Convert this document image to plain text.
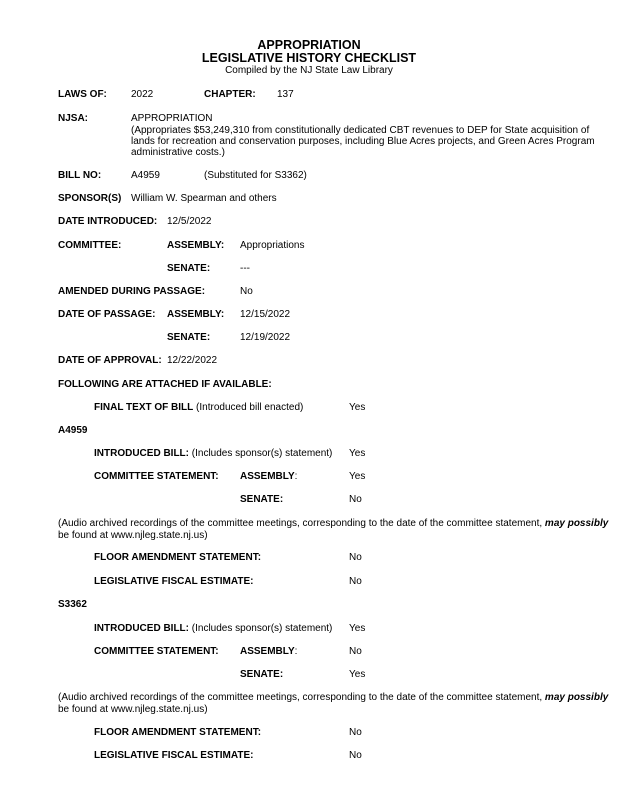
APPROPRIATION
LEGISLATIVE HISTORY CHECKLIST
Compiled by the NJ State Law Library
LAWS OF: 2022	CHAPTER: 137
NJSA:	APPROPRIATION
(Appropriates $53,249,310 from constitutionally dedicated CBT revenues to DEP for State acquisition of
lands for recreation and conservation purposes, including Blue Acres projects, and Green Acres Program
administrative costs.)
BILL NO:	A4959	(Substituted for S3362)
SPONSOR(S) William W. Spearman and others
DATE INTRODUCED: 12/5/2022
COMMITTEE:	ASSEMBLY: Appropriations
SENATE:	---
AMENDED DURING PASSAGE:	No
DATE OF PASSAGE: ASSEMBLY: 12/15/2022
SENATE:	12/19/2022
DATE OF APPROVAL: 12/22/2022
FOLLOWING ARE ATTACHED IF AVAILABLE:
FINAL TEXT OF BILL (Introduced bill enacted)	Yes
A4959
INTRODUCED BILL: (Includes sponsor(s) statement) Yes
COMMITTEE STATEMENT: ASSEMBLY:	Yes
SENATE:	No
(Audio archived recordings of the committee meetings, corresponding to the date of the committee statement, may possibly
be found at www.njleg.state.nj.us)
FLOOR AMENDMENT STATEMENT:	No
LEGISLATIVE FISCAL ESTIMATE:	No
S3362
INTRODUCED BILL: (Includes sponsor(s) statement) Yes
COMMITTEE STATEMENT: ASSEMBLY:	No
SENATE:	Yes
(Audio archived recordings of the committee meetings, corresponding to the date of the committee statement, may possibly
be found at www.njleg.state.nj.us)
FLOOR AMENDMENT STATEMENT:	No
LEGISLATIVE FISCAL ESTIMATE:	No
